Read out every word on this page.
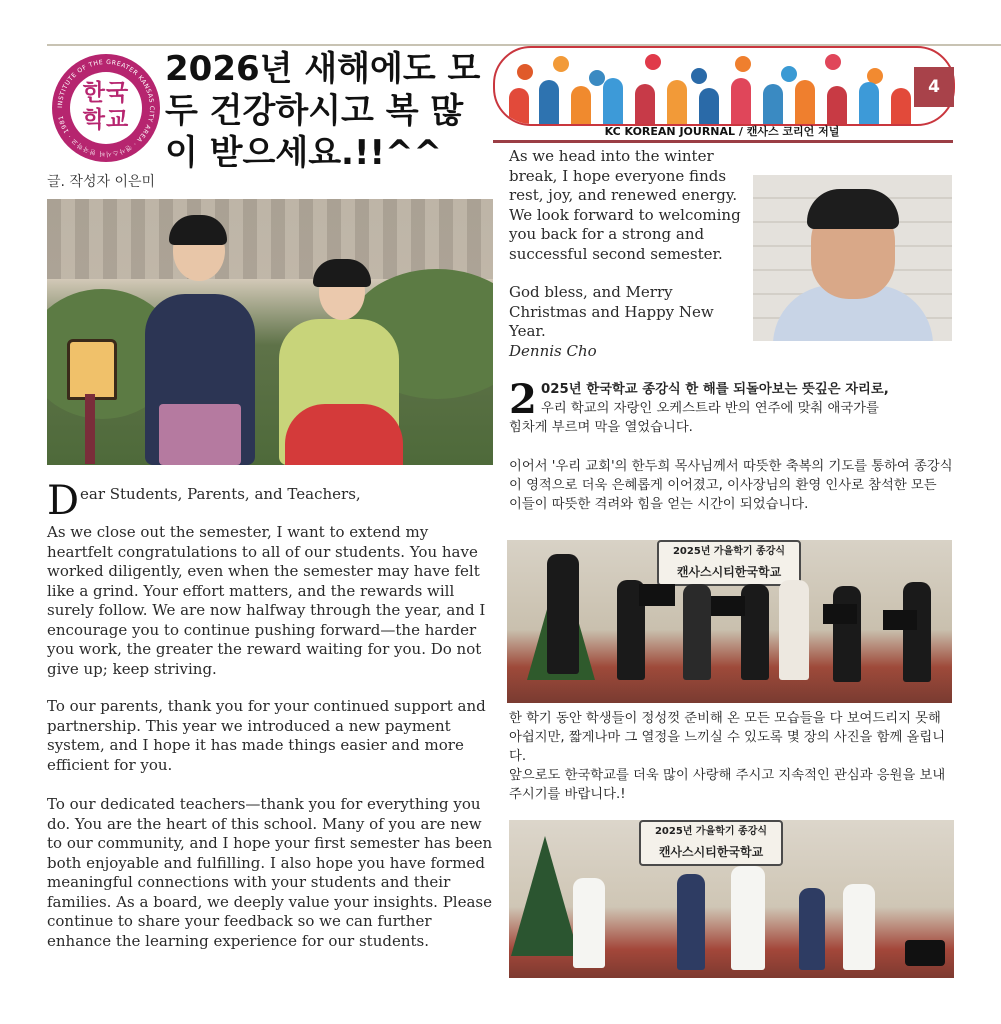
INSTITUTE OF THE GREATER KANSAS CITY AREA · 캔사스시티 한국학교 · 1981
한국학교
2026년 새해에도 모두 건강하시고 복 많이 받으세요.!!^^
글. 작성자 이은미
D ear Students, Parents, and Teachers,

As we close out the semester, I want to extend my heartfelt congratulations to all of our students. You have worked diligently, even when the semester may have felt like a grind. Your effort matters, and the rewards will surely follow. We are now halfway through the year, and I encourage you to continue pushing forward—the harder you work, the greater the reward waiting for you. Do not give up; keep striving.

To our parents, thank you for your continued support and partnership. This year we introduced a new payment system, and I hope it has made things easier and more efficient for you.

To our dedicated teachers—thank you for everything you do. You are the heart of this school. Many of you are new to our community, and I hope your first semester has been both enjoyable and fulfilling. I also hope you have formed meaningful connections with your students and their families. As a board, we deeply value your insights. Please continue to share your feedback so we can further enhance the learning experience for our students.

4
KC KOREAN JOURNAL / 캔사스 코리언 저널

As we head into the winter break, I hope everyone finds rest, joy, and renewed energy. We look forward to welcoming you back for a strong and successful second semester.

God bless, and Merry Christmas and Happy New Year.

Dennis Cho
2 025년 한국학교 종강식 한 해를 되돌아보는 뜻깊은 자리로,

우리 학교의 자랑인 오케스트라 반의 연주에 맞춰 애국가를

힘차게 부르며 막을 열었습니다.

이어서 '우리 교회'의 한두희 목사님께서 따뜻한 축복의 기도를 통하여 종강식이 영적으로 더욱 은혜롭게 이어졌고, 이사장님의 환영 인사로 참석한 모든 이들이 따뜻한 격려와 힘을 얻는 시간이 되었습니다.

2025년 가을학기 종강식
캔사스시티한국학교

한 학기 동안 학생들이 정성껏 준비해 온 모든 모습들을 다 보여드리지 못해 아쉽지만, 짧게나마 그 열정을 느끼실 수 있도록 몇 장의 사진을 함께 올립니다.
앞으로도 한국학교를 더욱 많이 사랑해 주시고 지속적인 관심과 응원을 보내주시기를 바랍니다.!

2025년 가을학기 종강식
캔사스시티한국학교
